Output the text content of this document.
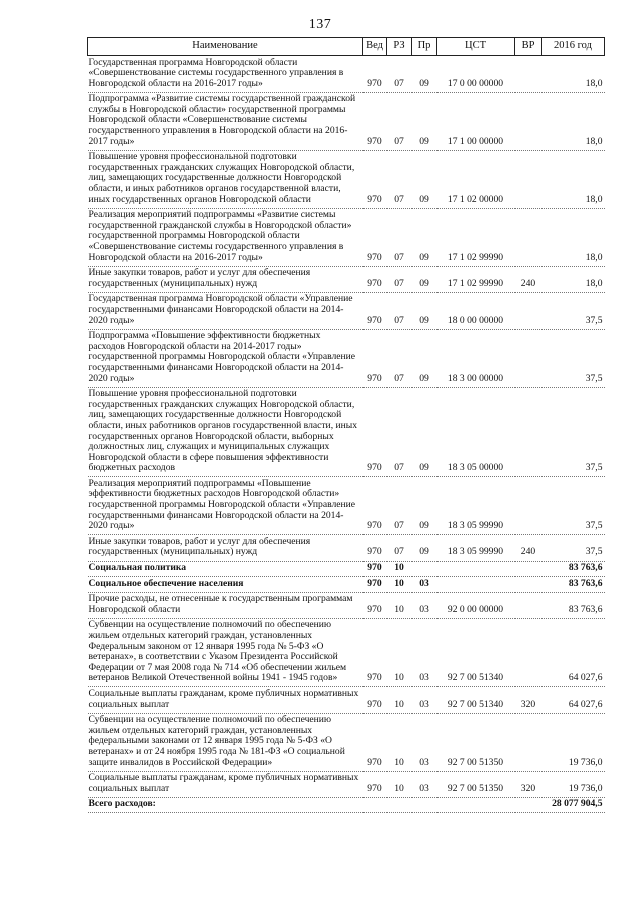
137
Наименование	Вед	РЗ	Пр	ЦСТ	ВР	2016 год

Государственная программа Новгородской области «Совершенствование системы государственного управления в Новгородской области на 2016-2017 годы»	970	07	09	17 0 00 00000		18,0

Подпрограмма «Развитие системы государственной гражданской службы в Новгородской области» государственной программы Новгородской области «Совершенствование системы государственного управления в Новгородской области на 2016-2017 годы»	970	07	09	17 1 00 00000		18,0

Повышение уровня профессиональной подготовки государственных гражданских служащих Новгородской области, лиц, замещающих государственные должности Новгородской области, и иных работников органов государственной власти, иных государственных органов Новгородской области	970	07	09	17 1 02 00000		18,0

Реализация мероприятий подпрограммы «Развитие системы государственной гражданской службы в Новгородской области» государственной программы Новгородской области «Совершенствование системы государственного управления в Новгородской области на 2016-2017 годы»	970	07	09	17 1 02 99990		18,0

Иные закупки товаров, работ и услуг для обеспечения государственных (муниципальных) нужд	970	07	09	17 1 02 99990	240	18,0

Государственная программа Новгородской области «Управление государственными финансами Новгородской области на 2014-2020 годы»	970	07	09	18 0 00 00000		37,5

Подпрограмма «Повышение эффективности бюджетных расходов Новгородской области на 2014-2017 годы» государственной программы Новгородской области «Управление государственными финансами Новгородской области на 2014-2020 годы»	970	07	09	18 3 00 00000		37,5

Повышение уровня профессиональной подготовки государственных гражданских служащих Новгородской области, лиц, замещающих государственные должности Новгородской области, иных работников органов государственной власти, иных государственных органов Новгородской области, выборных должностных лиц, служащих и муниципальных служащих Новгородской области в сфере повышения эффективности бюджетных расходов	970	07	09	18 3 05 00000		37,5

Реализация мероприятий подпрограммы «Повышение эффективности бюджетных расходов Новгородской области» государственной программы Новгородской области «Управление государственными финансами Новгородской области на 2014-2020 годы»	970	07	09	18 3 05 99990		37,5

Иные закупки товаров, работ и услуг для обеспечения государственных (муниципальных) нужд	970	07	09	18 3 05 99990	240	37,5

Социальная политика	970	10				83 763,6

Социальное обеспечение населения	970	10	03			83 763,6

Прочие расходы, не отнесенные к государственным программам Новгородской области	970	10	03	92 0 00 00000		83 763,6

Субвенции на осуществление полномочий по обеспечению жильем отдельных категорий граждан, установленных Федеральным законом от 12 января 1995 года № 5-ФЗ «О ветеранах», в соответствии с Указом Президента Российской Федерации от 7 мая 2008 года № 714 «Об обеспечении жильем ветеранов Великой Отечественной войны 1941 - 1945 годов»	970	10	03	92 7 00 51340		64 027,6

Социальные выплаты гражданам, кроме публичных нормативных социальных выплат	970	10	03	92 7 00 51340	320	64 027,6

Субвенции на осуществление полномочий по обеспечению жильем отдельных категорий граждан, установленных федеральными законами от 12 января 1995 года № 5-ФЗ «О ветеранах» и от 24 ноября 1995 года № 181-ФЗ «О социальной защите инвалидов в Российской Федерации»	970	10	03	92 7 00 51350		19 736,0

Социальные выплаты гражданам, кроме публичных нормативных социальных выплат	970	10	03	92 7 00 51350	320	19 736,0
Всего расходов:						28 077 904,5
